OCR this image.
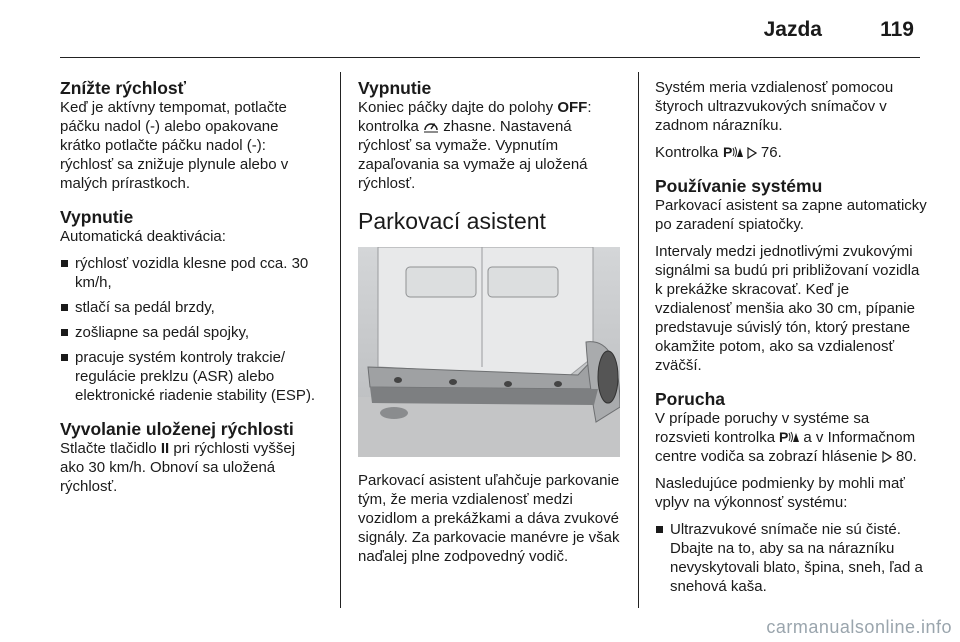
Jazda	119
Znížte rýchlosť

Keď je aktívny tempomat, potlačte páčku nadol (-) alebo opakovane krátko potlačte páčku nadol (-): rýchlosť sa znižuje plynule alebo v malých prírastkoch.

Vypnutie

Automatická deaktivácia:

rýchlosť vozidla klesne pod cca. 30 km/h,
stlačí sa pedál brzdy,
zošliapne sa pedál spojky,
pracuje systém kontroly trakcie/ regulácie preklzu (ASR) alebo elektronické riadenie stability (ESP).
Vyvolanie uloženej rýchlosti

Stlačte tlačidlo II pri rýchlosti vyššej ako 30 km/h. Obnoví sa uložená rýchlosť.

Vypnutie

Koniec páčky dajte do polohy OFF: kontrolka zhasne. Nastavená rýchlosť sa vymaže. Vypnutím zapaľovania sa vymaže aj uložená rýchlosť.

Parkovací asistent

Parkovací asistent uľahčuje parkovanie tým, že meria vzdialenosť medzi vozidlom a prekážkami a dáva zvukové signály. Za parkovacie manévre je však naďalej plne zodpovedný vodič.

Systém meria vzdialenosť pomocou štyroch ultrazvukových snímačov v zadnom nárazníku.

Kontrolka P 76.

Používanie systému

Parkovací asistent sa zapne automaticky po zaradení spiatočky.

Intervaly medzi jednotlivými zvukovými signálmi sa budú pri približovaní vozidla k prekážke skracovať. Keď je vzdialenosť menšia ako 30 cm, pípanie predstavuje súvislý tón, ktorý prestane okamžite potom, ako sa vzdialenosť zväčší.

Porucha

V prípade poruchy v systéme sa rozsvieti kontrolka P a v Informačnom centre vodiča sa zobrazí hlásenie 80.

Nasledujúce podmienky by mohli mať vplyv na výkonnosť systému:

Ultrazvukové snímače nie sú čisté. Dbajte na to, aby sa na nárazníku nevyskytovali blato, špina, sneh, ľad a snehová kaša.
carmanualsonline.info
